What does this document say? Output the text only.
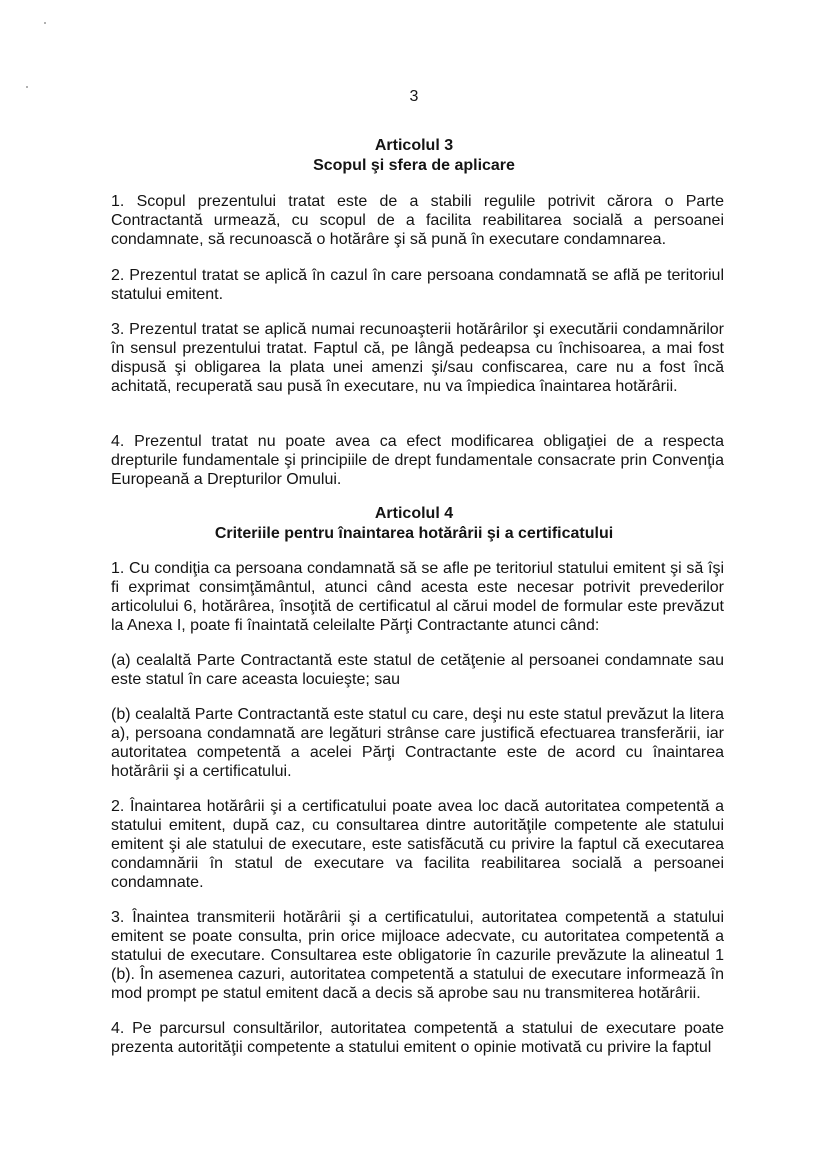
3
Articolul 3
Scopul şi sfera de aplicare

1. Scopul prezentului tratat este de a stabili regulile potrivit cărora o Parte Contractantă urmează, cu scopul de a facilita reabilitarea socială a persoanei condamnate, să recunoască o hotărâre şi să pună în executare condamnarea.

2. Prezentul tratat se aplică în cazul în care persoana condamnată se află pe teritoriul statului emitent.

3. Prezentul tratat se aplică numai recunoaşterii hotărârilor şi executării condamnărilor în sensul prezentului tratat. Faptul că, pe lângă pedeapsa cu închisoarea, a mai fost dispusă şi obligarea la plata unei amenzi şi/sau confiscarea, care nu a fost încă achitată, recuperată sau pusă în executare, nu va împiedica înaintarea hotărârii.

4. Prezentul tratat nu poate avea ca efect modificarea obligaţiei de a respecta drepturile fundamentale şi principiile de drept fundamentale consacrate prin Convenţia Europeană a Drepturilor Omului.

Articolul 4
Criteriile pentru înaintarea hotărârii şi a certificatului

1. Cu condiţia ca persoana condamnată să se afle pe teritoriul statului emitent şi să îşi fi exprimat consimţământul, atunci când acesta este necesar potrivit prevederilor articolului 6, hotărârea, însoţită de certificatul al cărui model de formular este prevăzut la Anexa I, poate fi înaintată celeilalte Părţi Contractante atunci când:

(a) cealaltă Parte Contractantă este statul de cetăţenie al persoanei condamnate sau este statul în care aceasta locuieşte; sau

(b) cealaltă Parte Contractantă este statul cu care, deşi nu este statul prevăzut la litera a), persoana condamnată are legături strânse care justifică efectuarea transferării, iar autoritatea competentă a acelei Părţi Contractante este de acord cu înaintarea hotărârii şi a certificatului.

2. Înaintarea hotărârii şi a certificatului poate avea loc dacă autoritatea competentă a statului emitent, după caz, cu consultarea dintre autorităţile competente ale statului emitent şi ale statului de executare, este satisfăcută cu privire la faptul că executarea condamnării în statul de executare va facilita reabilitarea socială a persoanei condamnate.

3. Înaintea transmiterii hotărârii şi a certificatului, autoritatea competentă a statului emitent se poate consulta, prin orice mijloace adecvate, cu autoritatea competentă a statului de executare. Consultarea este obligatorie în cazurile prevăzute la alineatul 1 (b). În asemenea cazuri, autoritatea competentă a statului de executare informează în mod prompt pe statul emitent dacă a decis să aprobe sau nu transmiterea hotărârii.

4. Pe parcursul consultărilor, autoritatea competentă a statului de executare poate prezenta autorităţii competente a statului emitent o opinie motivată cu privire la faptul
